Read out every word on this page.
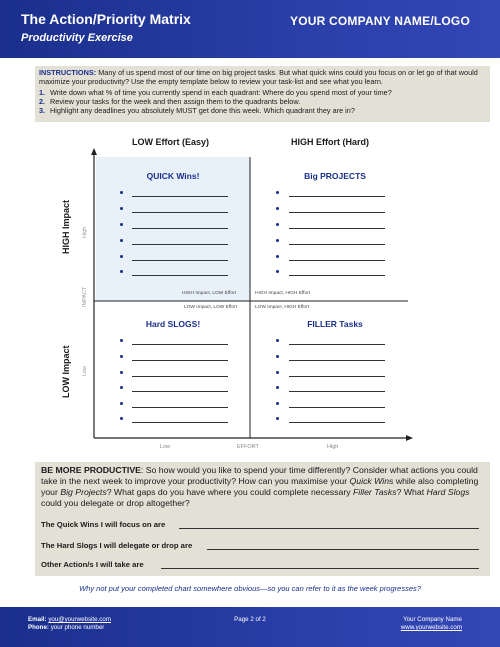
The Action/Priority Matrix
Productivity Exercise
YOUR COMPANY NAME/LOGO

INSTRUCTIONS: Many of us spend most of our time on big project tasks. But what quick wins could you focus on or let go of that would maximize your productivity? Use the empty template below to review your task-list and see what you learn.

1. Write down what % of time you currently spend in each quadrant: Where do you spend most of your time?
2. Review your tasks for the week and then assign them to the quadrants below.
3. Highlight any deadlines you absolutely MUST get done this week. Which quadrant they are in?
LOW Effort (Easy)	HIGH Effort (Hard)
HIGH Impact
LOW Impact
High
IMPACT
Low
Low	EFFORT	High
QUICK Wins!	Big PROJECTS
Hard SLOGS!	FILLER Tasks
HIGH Impact, LOW Effort	HIGH Impact, HIGH Effort
LOW Impact, LOW Effort	LOW Impact, HIGH Effort

BE MORE PRODUCTIVE: So how would you like to spend your time differently? Consider what actions you could take in the next week to improve your productivity? How can you maximise your Quick Wins while also completing your Big Projects? What gaps do you have where you could complete necessary Filler Tasks? What Hard Slogs could you delegate or drop altogether?

The Quick Wins I will focus on are
The Hard Slogs I will delegate or drop are
Other Action/s I will take are
Why not put your completed chart somewhere obvious—so you can refer to it as the week progresses?
Email: you@yourwebsite.com
Phone: your phone number
Page 2 of 2	Your Company Name
www.yourwebsite.com
